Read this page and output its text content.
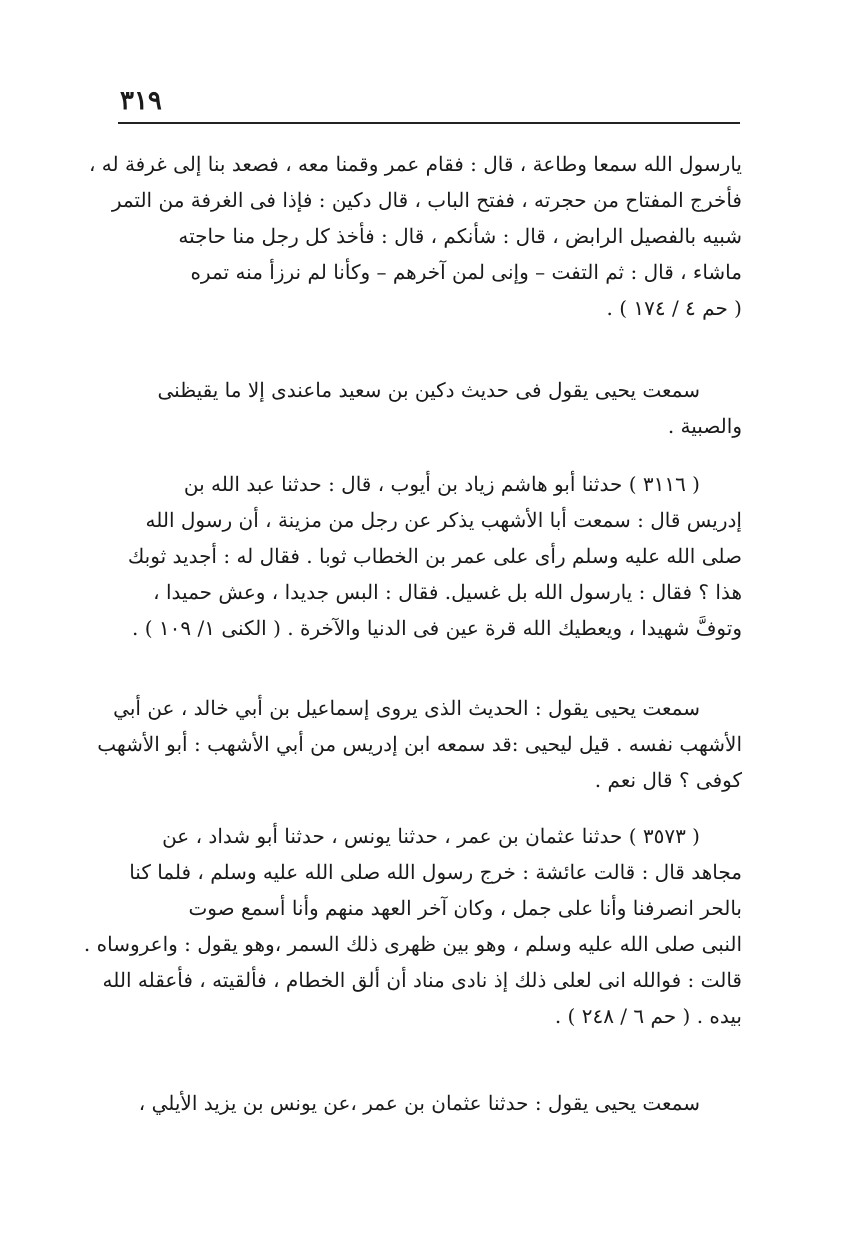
٣١٩
يارسول الله سمعا وطاعة ، قال : فقام عمر وقمنا معه ، فصعد بنا إلى غرفة له ،
فأخرج المفتاح من حجرته ، ففتح الباب ، قال دكين : فإذا فى الغرفة من التمر
شبيه بالفصيل الرابض ، قال : شأنكم ، قال : فأخذ كل رجل منا حاجته
ماشاء ، قال : ثم التفت – وإنى لمن آخرهم – وكأنا لم نرزأ منه تمره
( حم ٤ / ١٧٤ ) .
سمعت يحيى يقول فى حديث دكين بن سعيد ماعندى إلا ما يقيظنى
والصبية .
( ٣١١٦ ) حدثنا أبو هاشم زياد بن أيوب ، قال : حدثنا عبد الله بن
إدريس قال : سمعت أبا الأشهب يذكر عن رجل من مزينة ، أن رسول الله
صلى الله عليه وسلم رأى على عمر بن الخطاب ثوبا . فقال له : أجديد ثوبك
هذا ؟ فقال : يارسول الله بل غسيل. فقال : البس جديدا ، وعش حميدا ،
وتوفَّ شهيدا ، ويعطيك الله قرة عين فى الدنيا والآخرة . ( الكنى ١/ ١٠٩ ) .
سمعت يحيى يقول : الحديث الذى يروى إسماعيل بن أبي خالد ، عن أبي
الأشهب نفسه . قيل ليحيى :قد سمعه ابن إدريس من أبي الأشهب : أبو الأشهب
كوفى ؟ قال نعم .
( ٣٥٧٣ ) حدثنا عثمان بن عمر ، حدثنا يونس ، حدثنا أبو شداد ، عن
مجاهد قال : قالت عائشة : خرج رسول الله صلى الله عليه وسلم ، فلما كنا
بالحر انصرفنا وأنا على جمل ، وكان آخر العهد منهم وأنا أسمع صوت
النبى صلى الله عليه وسلم ، وهو بين ظهرى ذلك السمر ،وهو يقول : واعروساه .
قالت : فوالله انى لعلى ذلك إذ نادى مناد أن ألق الخطام ، فألقيته ، فأعقله الله
بيده . ( حم ٦ / ٢٤٨ ) .
سمعت يحيى يقول : حدثنا عثمان بن عمر ،عن يونس بن يزيد الأيلي ،
